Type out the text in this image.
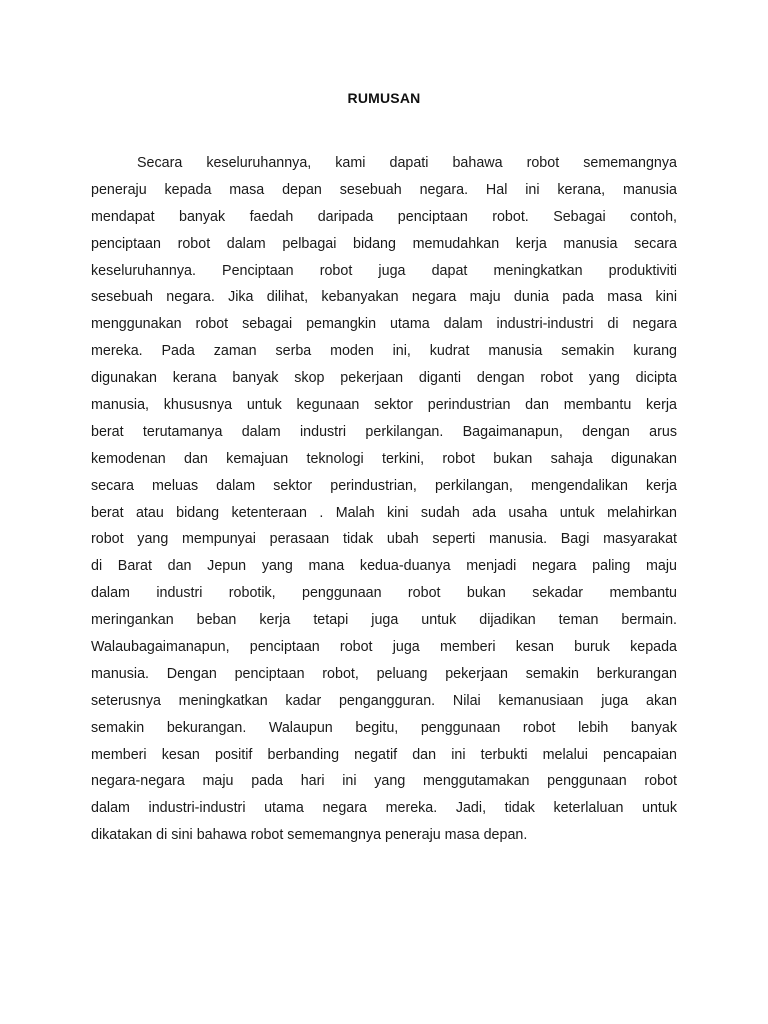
RUMUSAN
Secara keseluruhannya, kami dapati bahawa robot sememangnya
peneraju kepada masa depan sesebuah negara. Hal ini kerana, manusia
mendapat banyak faedah daripada penciptaan robot. Sebagai contoh,
penciptaan robot dalam pelbagai bidang memudahkan kerja manusia secara
keseluruhannya. Penciptaan robot juga dapat meningkatkan produktiviti
sesebuah negara. Jika dilihat, kebanyakan negara maju dunia pada masa kini
menggunakan robot sebagai pemangkin utama dalam industri-industri di negara
mereka. Pada zaman serba moden ini, kudrat manusia semakin kurang
digunakan kerana banyak skop pekerjaan diganti dengan robot yang dicipta
manusia, khususnya untuk kegunaan sektor perindustrian dan membantu kerja
berat terutamanya dalam industri perkilangan. Bagaimanapun, dengan arus
kemodenan dan kemajuan teknologi terkini, robot bukan sahaja digunakan
secara meluas dalam sektor perindustrian, perkilangan, mengendalikan kerja
berat atau bidang ketenteraan . Malah kini sudah ada usaha untuk melahirkan
robot yang mempunyai perasaan tidak ubah seperti manusia. Bagi masyarakat
di Barat dan Jepun yang mana kedua-duanya menjadi negara paling maju
dalam industri robotik, penggunaan robot bukan sekadar membantu
meringankan beban kerja tetapi juga untuk dijadikan teman bermain.
Walaubagaimanapun, penciptaan robot juga memberi kesan buruk kepada
manusia. Dengan penciptaan robot, peluang pekerjaan semakin berkurangan
seterusnya meningkatkan kadar pengangguran. Nilai kemanusiaan juga akan
semakin bekurangan. Walaupun begitu, penggunaan robot lebih banyak
memberi kesan positif berbanding negatif dan ini terbukti melalui pencapaian
negara-negara maju pada hari ini yang menggutamakan penggunaan robot
dalam industri-industri utama negara mereka. Jadi, tidak keterlaluan untuk
dikatakan di sini bahawa robot sememangnya peneraju masa depan.
